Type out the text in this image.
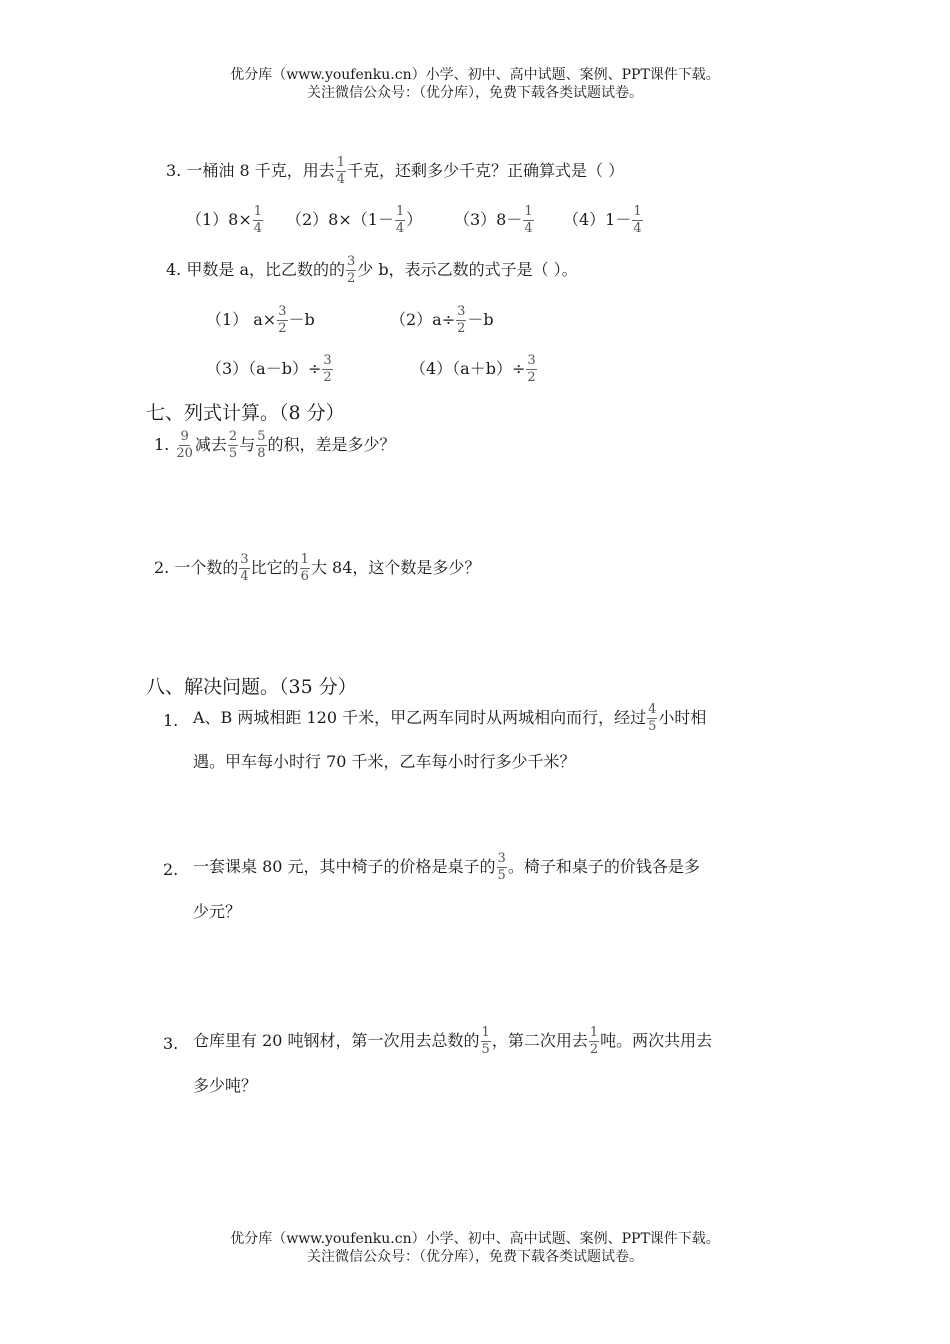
优分库（www.youfenku.cn）小学、初中、高中试题、案例、PPT课件下载。
关注微信公众号：（优分库），免费下载各类试题试卷。
3. 一桶油 8 千克，用去 $\frac{1}{4}$ 千克，还剩多少千克？正确算式是（ ）
$(1)8\times \frac{1}{4} (2)8\times(1- \frac{1}{4}$ ） $(3)8- \frac{1}{4} (4)1- \frac{1}{4}$
4. 甲数是 a，比乙数的的 $\frac{3}{2}$ 少 b，表示乙数的式子是（ ）。
（1） $a\times \frac{3}{2} -b$	$(2)a\div \frac{3}{2} -b$
$(3)(a-b)\div \frac{3}{2}$	$(4)(a+b)\div \frac{3}{2}$
七、列式计算。（8 分）
1. $\frac{9}{20}$ 减去 $\frac{2}{5}$ 与 $\frac{5}{8}$ 的积，差是多少？
2. 一个数的 $\frac{3}{4}$ 比它的 $\frac{1}{6}$ 大 84，这个数是多少？
八、解决问题。（35 分）
1. A、B 两城相距 120 千米，甲乙两车同时从两城相向而行，经过 $\frac{4}{5}$ 小时相
遇。甲车每小时行 70 千米，乙车每小时行多少千米？
2. 一套课桌 80 元，其中椅子的价格是桌子的 $\frac{3}{5}$ 。椅子和桌子的价钱各是多
少元？
3. 仓库里有 20 吨钢材，第一次用去总数的 $\frac{1}{5}$ ，第二次用去 $\frac{1}{2}$ 吨。两次共用去
多少吨？
优分库（www.youfenku.cn）小学、初中、高中试题、案例、PPT课件下载。
关注微信公众号：（优分库），免费下载各类试题试卷。
